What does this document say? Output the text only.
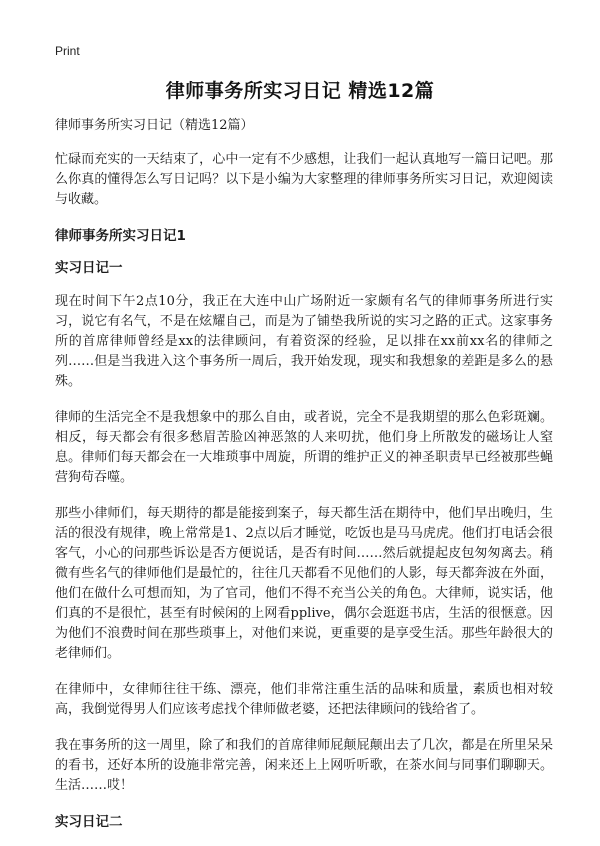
Print
律师事务所实习日记 精选12篇

律师事务所实习日记（精选12篇）

忙碌而充实的一天结束了，心中一定有不少感想，让我们一起认真地写一篇日记吧。那么你真的懂得怎么写日记吗？以下是小编为大家整理的律师事务所实习日记，欢迎阅读与收藏。

律师事务所实习日记1

实习日记一

现在时间下午2点10分，我正在大连中山广场附近一家颇有名气的律师事务所进行实习，说它有名气，不是在炫耀自己，而是为了铺垫我所说的实习之路的正式。这家事务所的首席律师曾经是xx的法律顾问，有着资深的经验，足以排在xx前xx名的律师之列……但是当我进入这个事务所一周后，我开始发现，现实和我想象的差距是多么的悬殊。

律师的生活完全不是我想象中的那么自由，或者说，完全不是我期望的那么色彩斑斓。相反，每天都会有很多愁眉苦脸凶神恶煞的人来叨扰，他们身上所散发的磁场让人窒息。律师们每天都会在一大堆琐事中周旋，所谓的维护正义的神圣职责早已经被那些蝇营狗苟吞噬。

那些小律师们，每天期待的都是能接到案子，每天都生活在期待中，他们早出晚归，生活的很没有规律，晚上常常是1、2点以后才睡觉，吃饭也是马马虎虎。他们打电话会很客气，小心的问那些诉讼是否方便说话，是否有时间……然后就提起皮包匆匆离去。稍微有些名气的律师他们是最忙的，往往几天都看不见他们的人影，每天都奔波在外面，他们在做什么可想而知，为了官司，他们不得不充当公关的角色。大律师，说实话，他们真的不是很忙，甚至有时候闲的上网看pplive，偶尔会逛逛书店，生活的很惬意。因为他们不浪费时间在那些琐事上，对他们来说，更重要的是享受生活。那些年龄很大的老律师们。

在律师中，女律师往往干练、漂亮，他们非常注重生活的品味和质量，素质也相对较高，我倒觉得男人们应该考虑找个律师做老婆，还把法律顾问的钱给省了。

我在事务所的这一周里，除了和我们的首席律师屁颠屁颠出去了几次，都是在所里呆呆的看书，还好本所的设施非常完善，闲来还上上网听听歌，在茶水间与同事们聊聊天。生活……哎！

实习日记二
